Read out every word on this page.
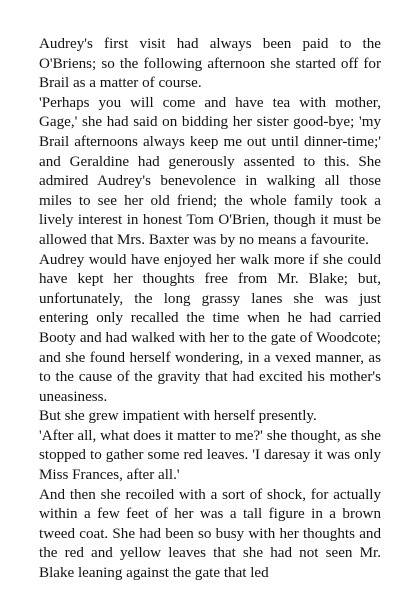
Audrey's first visit had always been paid to the O'Briens; so the following afternoon she started off for Brail as a matter of course.

'Perhaps you will come and have tea with mother, Gage,' she had said on bidding her sister good-bye; 'my Brail afternoons always keep me out until dinner-time;' and Geraldine had generously assented to this. She admired Audrey's benevolence in walking all those miles to see her old friend; the whole family took a lively interest in honest Tom O'Brien, though it must be allowed that Mrs. Baxter was by no means a favourite.

Audrey would have enjoyed her walk more if she could have kept her thoughts free from Mr. Blake; but, unfortunately, the long grassy lanes she was just entering only recalled the time when he had carried Booty and had walked with her to the gate of Woodcote; and she found herself wondering, in a vexed manner, as to the cause of the gravity that had excited his mother's uneasiness.

But she grew impatient with herself presently.

'After all, what does it matter to me?' she thought, as she stopped to gather some red leaves. 'I daresay it was only Miss Frances, after all.'

And then she recoiled with a sort of shock, for actually within a few feet of her was a tall figure in a brown tweed coat. She had been so busy with her thoughts and the red and yellow leaves that she had not seen Mr. Blake leaning against the gate that led
